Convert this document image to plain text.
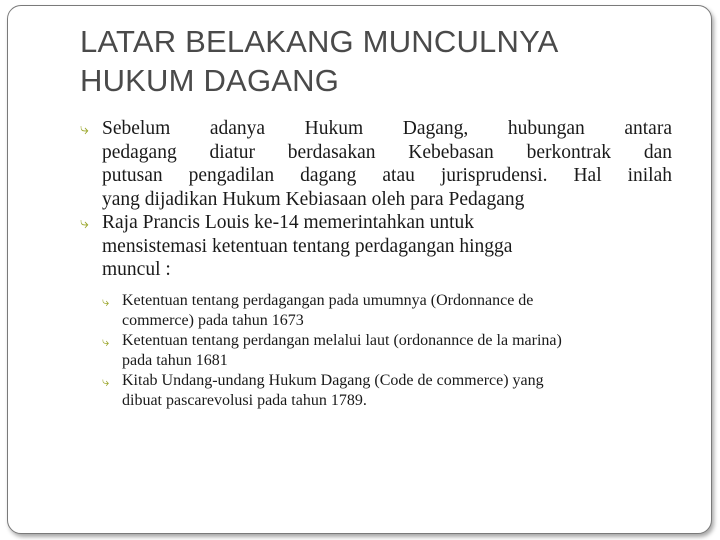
LATAR BELAKANG MUNCULNYA
HUKUM DAGANG
⤷ Sebelum adanya Hukum Dagang, hubungan antara
pedagang diatur berdasakan Kebebasan berkontrak dan
putusan pengadilan dagang atau jurisprudensi. Hal inilah
yang dijadikan Hukum Kebiasaan oleh para Pedagang
⤷ Raja Prancis Louis ke-14 memerintahkan untuk
mensistemasi ketentuan tentang perdagangan hingga
muncul :
⤷ Ketentuan tentang perdagangan pada umumnya (Ordonnance de
commerce) pada tahun 1673
⤷ Ketentuan tentang perdangan melalui laut (ordonannce de la marina)
pada tahun 1681
⤷ Kitab Undang-undang Hukum Dagang (Code de commerce) yang
dibuat pascarevolusi pada tahun 1789.
